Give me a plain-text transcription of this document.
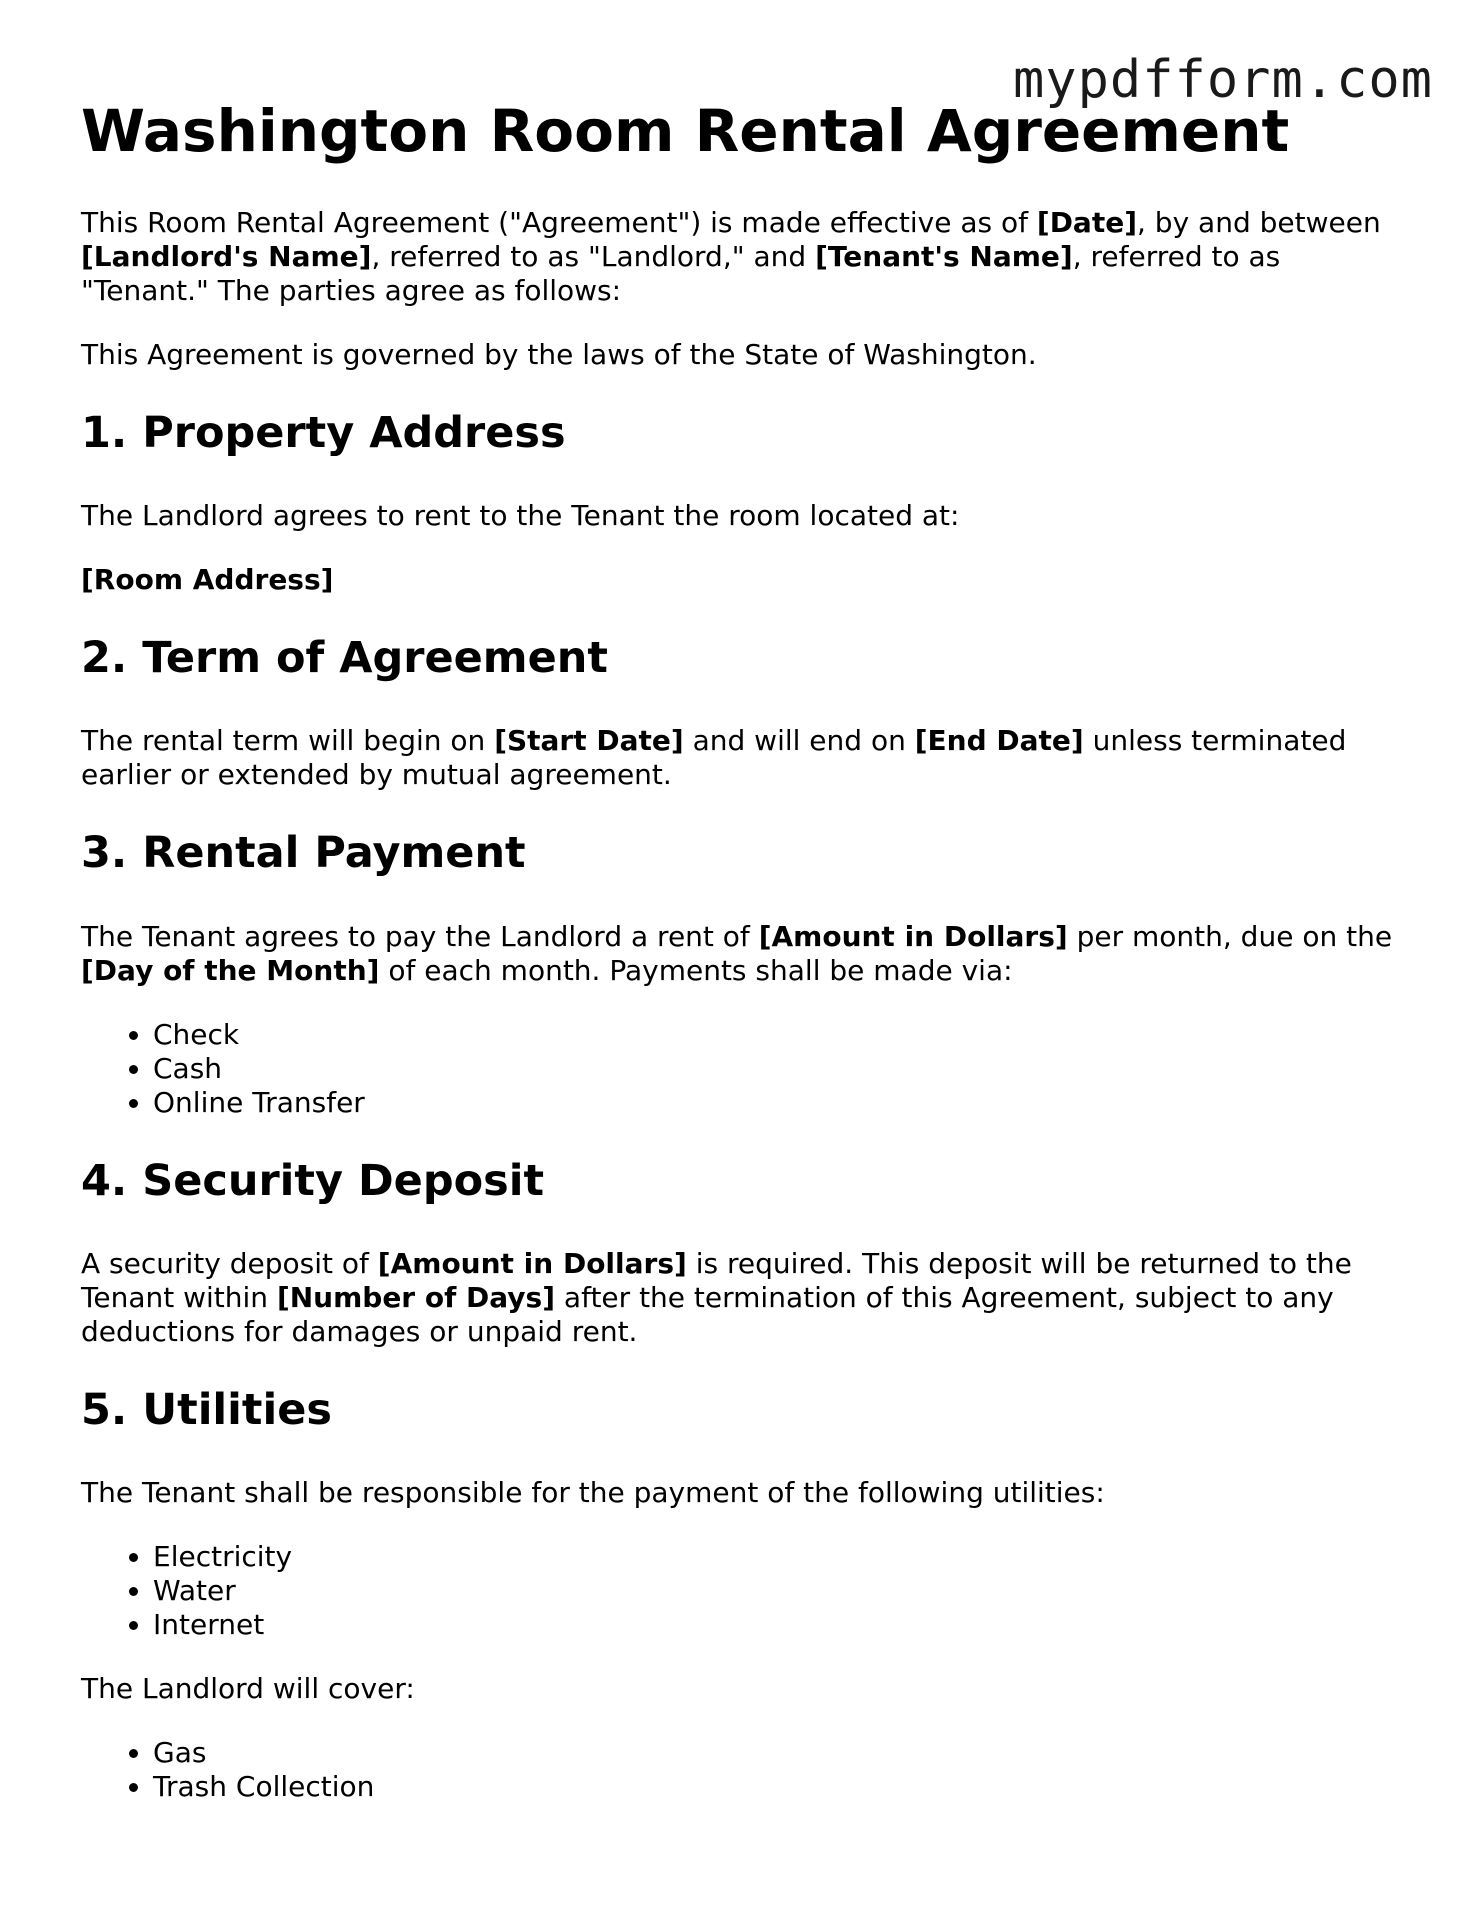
mypdfform.com
Washington Room Rental Agreement

This Room Rental Agreement ("Agreement") is made effective as of [Date], by and between [Landlord's Name], referred to as "Landlord," and [Tenant's Name], referred to as "Tenant." The parties agree as follows:

This Agreement is governed by the laws of the State of Washington.

1. Property Address

The Landlord agrees to rent to the Tenant the room located at:

[Room Address]

2. Term of Agreement

The rental term will begin on [Start Date] and will end on [End Date] unless terminated earlier or extended by mutual agreement.

3. Rental Payment

The Tenant agrees to pay the Landlord a rent of [Amount in Dollars] per month, due on the [Day of the Month] of each month. Payments shall be made via:

• Check
• Cash
• Online Transfer
4. Security Deposit

A security deposit of [Amount in Dollars] is required. This deposit will be returned to the Tenant within [Number of Days] after the termination of this Agreement, subject to any deductions for damages or unpaid rent.

5. Utilities

The Tenant shall be responsible for the payment of the following utilities:

• Electricity
• Water
• Internet

The Landlord will cover:

• Gas
• Trash Collection
